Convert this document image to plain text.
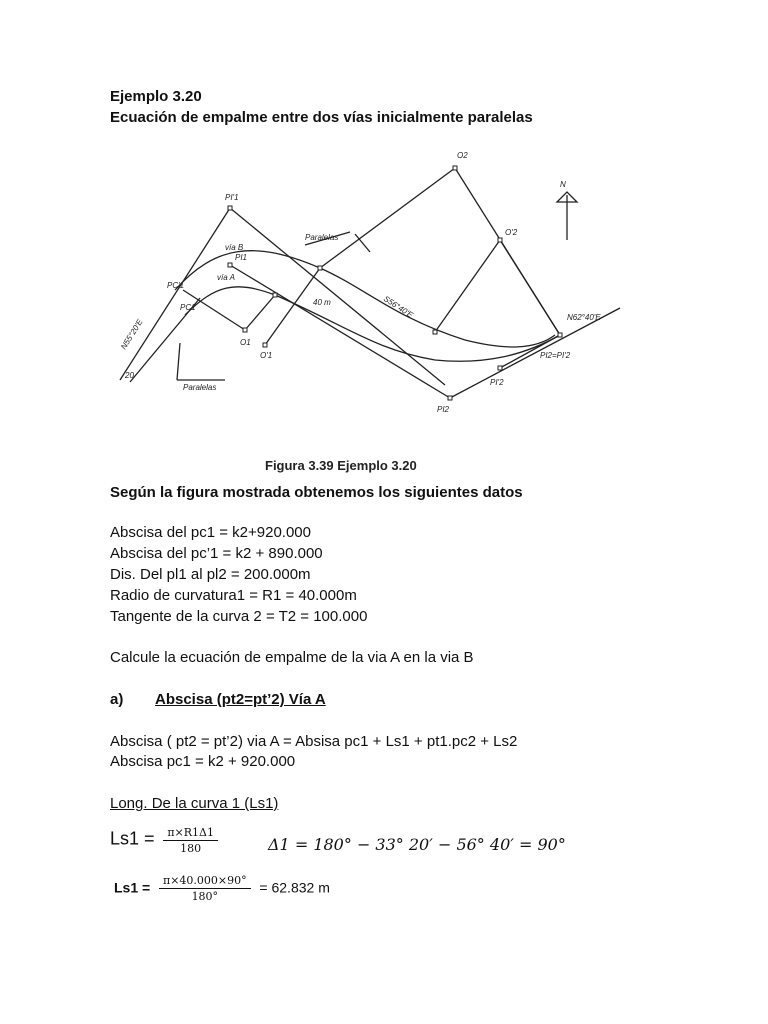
Ejemplo 3.20
Ecuación de empalme entre dos vías inicialmente paralelas
O2
O'2
N
PI'1
PI1
vía B
vía A
PC'1
PC1
Paralelas
40 m
N55°20'E
S56°40'E	N62°40'E
O1
O'1
PI'2
PI2
PI2=PI'2
Paralelas
20
Figura 3.39 Ejemplo 3.20
Según la figura mostrada obtenemos los siguientes datos
Abscisa del pc1 = k2+920.000
Abscisa del pc’1 = k2 + 890.000
Dis. Del pl1 al pl2 = 200.000m
Radio de curvatura1 = R1 = 40.000m
Tangente de la curva 2 = T2 = 100.000
Calcule la ecuación de empalme de la via A en la via B
a) Abscisa (pt2=pt’2) Vía A
Abscisa ( pt2 = pt’2) via A = Absisa pc1 + Ls1 + pt1.pc2 + Ls2
Abscisa pc1 = k2 + 920.000
Long. De la curva 1 (Ls1)
$Ls1 = \frac{\pi\times R1\Delta 1}{180}$	Δ1 = 180° − 33° 20′ − 56° 40′ = 90°
$Ls1 = \frac{\pi\times 40.000\times 90^\circ}{180^\circ} = 62.832$ m
